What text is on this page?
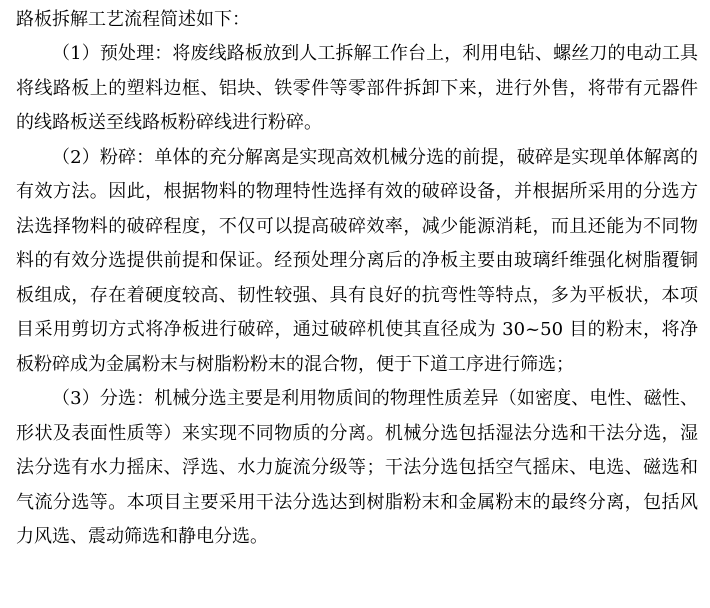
路板拆解工艺流程简述如下：

（1）预处理：将废线路板放到人工拆解工作台上，利用电钻、螺丝刀的电动工具将线路板上的塑料边框、铝块、铁零件等零部件拆卸下来，进行外售，将带有元器件的线路板送至线路板粉碎线进行粉碎。

（2）粉碎：单体的充分解离是实现高效机械分选的前提，破碎是实现单体解离的有效方法。因此，根据物料的物理特性选择有效的破碎设备，并根据所采用的分选方法选择物料的破碎程度，不仅可以提高破碎效率，减少能源消耗，而且还能为不同物料的有效分选提供前提和保证。经预处理分离后的净板主要由玻璃纤维强化树脂覆铜板组成，存在着硬度较高、韧性较强、具有良好的抗弯性等特点，多为平板状，本项目采用剪切方式将净板进行破碎，通过破碎机使其直径成为 30~50 目的粉末，将净板粉碎成为金属粉末与树脂粉粉末的混合物，便于下道工序进行筛选；

（3）分选：机械分选主要是利用物质间的物理性质差异（如密度、电性、磁性、形状及表面性质等）来实现不同物质的分离。机械分选包括湿法分选和干法分选，湿法分选有水力摇床、浮选、水力旋流分级等；干法分选包括空气摇床、电选、磁选和气流分选等。本项目主要采用干法分选达到树脂粉末和金属粉末的最终分离，包括风力风选、震动筛选和静电分选。
